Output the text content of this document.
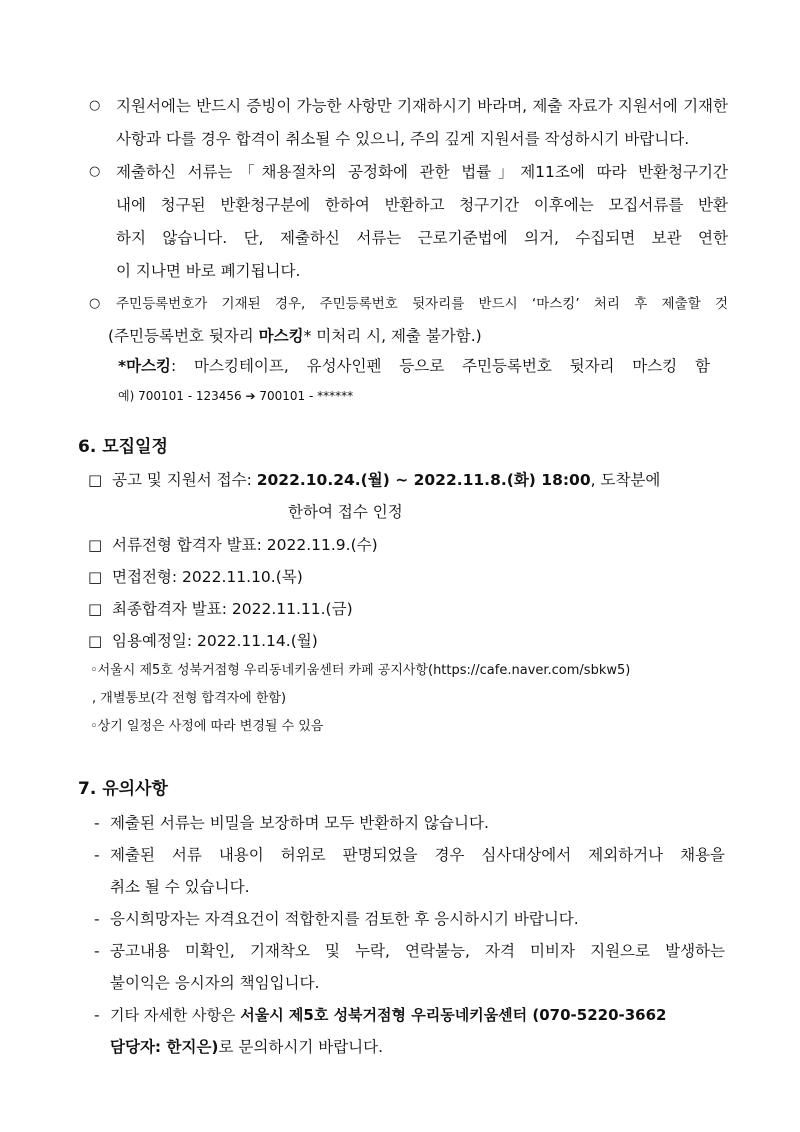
○ 지원서에는 반드시 증빙이 가능한 사항만 기재하시기 바라며, 제출 자료가 지원서에 기재한
사항과 다를 경우 합격이 취소될 수 있으니, 주의 깊게 지원서를 작성하시기 바랍니다.
○ 제출하신 서류는「채용절차의 공정화에 관한 법률」제11조에 따라 반환청구기간
내에 청구된 반환청구분에 한하여 반환하고 청구기간 이후에는 모집서류를 반환
하지 않습니다. 단, 제출하신 서류는 근로기준법에 의거, 수집되면 보관 연한
이 지나면 바로 폐기됩니다.
○ 주민등록번호가 기재된 경우, 주민등록번호 뒷자리를 반드시 ‘마스킹’ 처리 후 제출할 것
(주민등록번호 뒷자리 마스킹* 미처리 시, 제출 불가함.)
*마스킹: 마스킹테이프, 유성사인펜 등으로 주민등록번호 뒷자리 마스킹 함
예) 700101 - 123456 ➔ 700101 - ******
6. 모집일정
□ 공고 및 지원서 접수: 2022.10.24.(월) ~ 2022.11.8.(화) 18:00, 도착분에
한하여 접수 인정
□ 서류전형 합격자 발표: 2022.11.9.(수)
□ 면접전형: 2022.11.10.(목)
□ 최종합격자 발표: 2022.11.11.(금)
□ 임용예정일: 2022.11.14.(월)
◦서울시 제5호 성북거점형 우리동네키움센터 카페 공지사항(https://cafe.naver.com/sbkw5)
, 개별통보(각 전형 합격자에 한함)
◦상기 일정은 사정에 따라 변경될 수 있음
7. 유의사항
- 제출된 서류는 비밀을 보장하며 모두 반환하지 않습니다.
- 제출된 서류 내용이 허위로 판명되었을 경우 심사대상에서 제외하거나 채용을
취소 될 수 있습니다.
- 응시희망자는 자격요건이 적합한지를 검토한 후 응시하시기 바랍니다.
- 공고내용 미확인, 기재착오 및 누락, 연락불능, 자격 미비자 지원으로 발생하는
불이익은 응시자의 책임입니다.
- 기타 자세한 사항은 서울시 제5호 성북거점형 우리동네키움센터 (070-5220-3662
담당자: 한지은)로 문의하시기 바랍니다.
